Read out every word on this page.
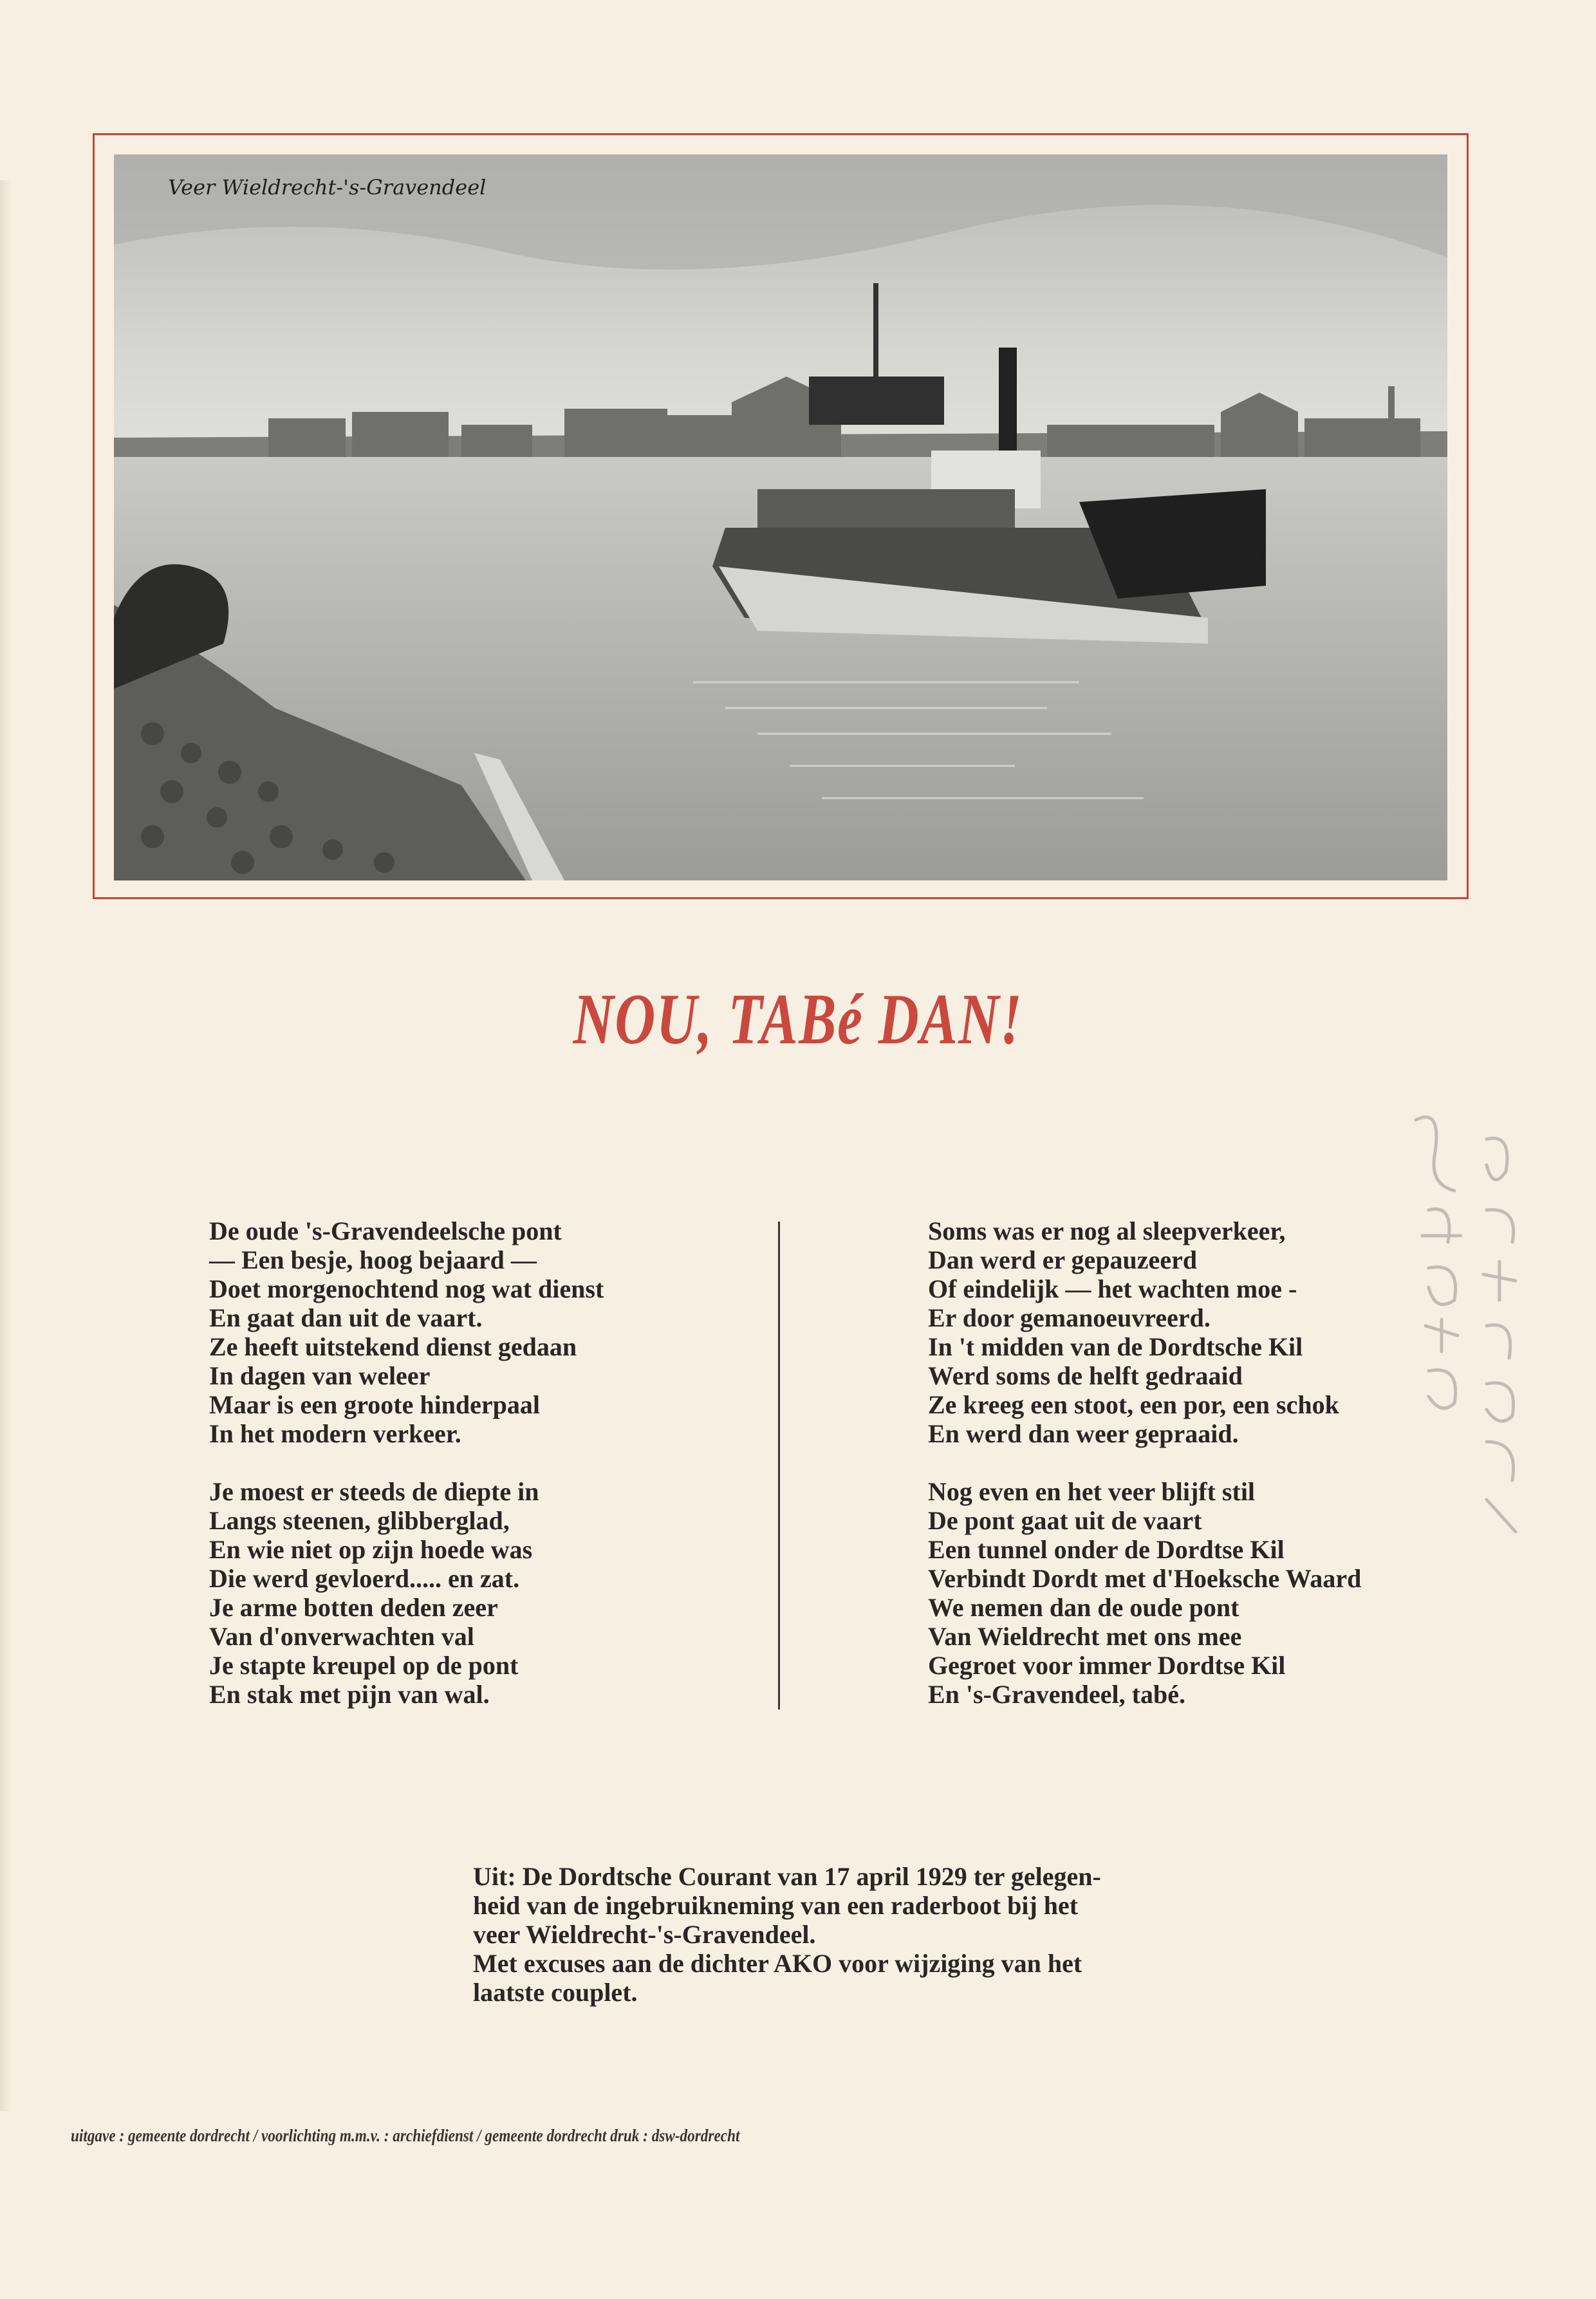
Veer Wieldrecht-'s-Gravendeel
NOU, TABé DAN!
De oude 's-Gravendeelsche pont
— Een besje, hoog bejaard —
Doet morgenochtend nog wat dienst
En gaat dan uit de vaart.
Ze heeft uitstekend dienst gedaan
In dagen van weleer
Maar is een groote hinderpaal
In het modern verkeer.
Je moest er steeds de diepte in
Langs steenen, glibberglad,
En wie niet op zijn hoede was
Die werd gevloerd..... en zat.
Je arme botten deden zeer
Van d'onverwachten val
Je stapte kreupel op de pont
En stak met pijn van wal.
Soms was er nog al sleepverkeer,
Dan werd er gepauzeerd
Of eindelijk — het wachten moe -
Er door gemanoeuvreerd.
In 't midden van de Dordtsche Kil
Werd soms de helft gedraaid
Ze kreeg een stoot, een por, een schok
En werd dan weer gepraaid.
Nog even en het veer blijft stil
De pont gaat uit de vaart
Een tunnel onder de Dordtse Kil
Verbindt Dordt met d'Hoeksche Waard
We nemen dan de oude pont
Van Wieldrecht met ons mee
Gegroet voor immer Dordtse Kil
En 's-Gravendeel, tabé.
Uit: De Dordtsche Courant van 17 april 1929 ter gelegen-
heid van de ingebruikneming van een raderboot bij het
veer Wieldrecht-'s-Gravendeel.
Met excuses aan de dichter AKO voor wijziging van het
laatste couplet.
uitgave : gemeente dordrecht / voorlichting m.m.v. : archiefdienst / gemeente dordrecht druk : dsw-dordrecht
